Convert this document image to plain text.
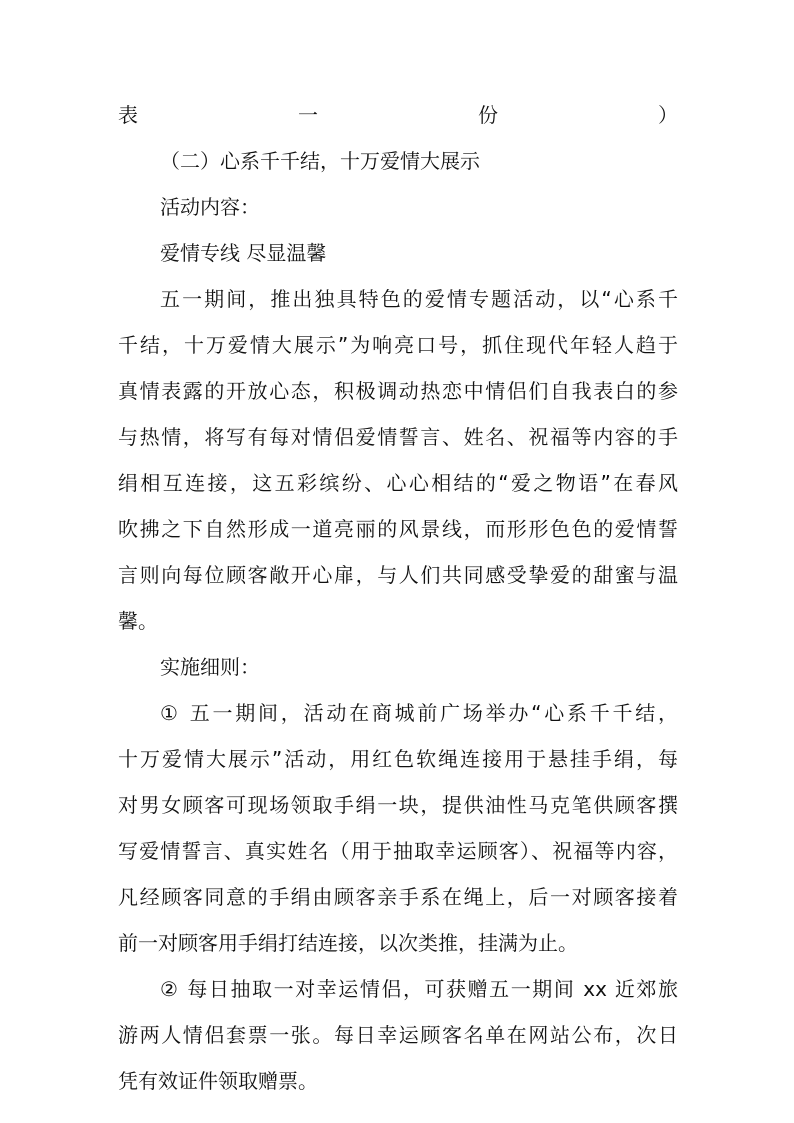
表一份）
（二）心系千千结，十万爱情大展示
活动内容：
爱情专线 尽显温馨
五一期间，推出独具特色的爱情专题活动，以“心系千
千结，十万爱情大展示”为响亮口号，抓住现代年轻人趋于
真情表露的开放心态，积极调动热恋中情侣们自我表白的参
与热情，将写有每对情侣爱情誓言、姓名、祝福等内容的手
绢相互连接，这五彩缤纷、心心相结的“爱之物语”在春风
吹拂之下自然形成一道亮丽的风景线，而形形色色的爱情誓
言则向每位顾客敞开心扉，与人们共同感受挚爱的甜蜜与温
馨。
实施细则：
① 五一期间，活动在商城前广场举办“心系千千结，
十万爱情大展示”活动，用红色软绳连接用于悬挂手绢，每
对男女顾客可现场领取手绢一块，提供油性马克笔供顾客撰
写爱情誓言、真实姓名（用于抽取幸运顾客）、祝福等内容，
凡经顾客同意的手绢由顾客亲手系在绳上，后一对顾客接着
前一对顾客用手绢打结连接，以次类推，挂满为止。
② 每日抽取一对幸运情侣，可获赠五一期间 xx 近郊旅
游两人情侣套票一张。每日幸运顾客名单在网站公布，次日
凭有效证件领取赠票。
